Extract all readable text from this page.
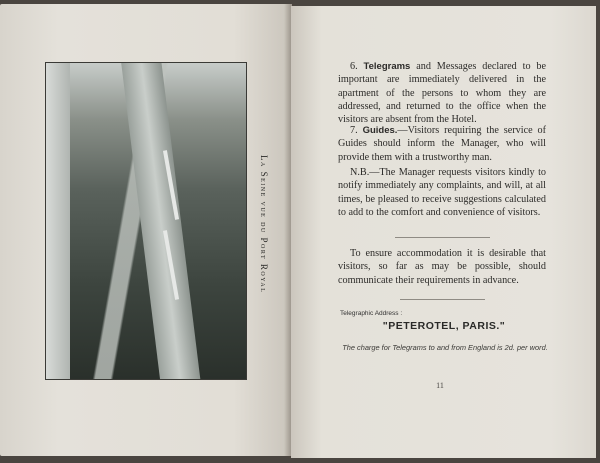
La Seine vue du Port Royal
6. Telegrams and Messages declared to be important are immediately delivered in the apartment of the persons to whom they are addressed, and returned to the office when the visitors are absent from the Hotel.
7. Guides.—Visitors requiring the service of Guides should inform the Manager, who will provide them with a trustworthy man.
N.B.—The Manager requests visitors kindly to notify immediately any complaints, and will, at all times, be pleased to receive suggestions calculated to add to the comfort and convenience of visitors.
To ensure accommodation it is desirable that visitors, so far as may be possible, should communicate their requirements in advance.
Telegraphic Address :
"PETEROTEL, PARIS."
The charge for Telegrams to and from England is 2d. per word.
11
